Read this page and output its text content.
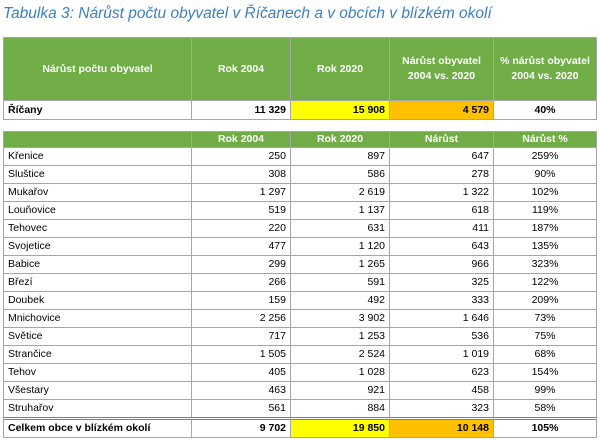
Tabulka 3: Nárůst počtu obyvatel v Říčanech a v obcích v blízkém okolí
Nárůst počtu obyvatel	Rok 2004	Rok 2020	Nárůst obyvatel 2004 vs. 2020	% nárůst obyvatel 2004 vs. 2020
Říčany	11 329	15 908	4 579	40%
	Rok 2004	Rok 2020	Nárůst	Nárůst %
Křenice	250	897	647	259%
Sluštice	308	586	278	90%
Mukařov	1 297	2 619	1 322	102%
Louňovice	519	1 137	618	119%
Tehovec	220	631	411	187%
Svojetice	477	1 120	643	135%
Babice	299	1 265	966	323%
Březí	266	591	325	122%
Doubek	159	492	333	209%
Mnichovice	2 256	3 902	1 646	73%
Světice	717	1 253	536	75%
Strančice	1 505	2 524	1 019	68%
Tehov	405	1 028	623	154%
Všestary	463	921	458	99%
Struhařov	561	884	323	58%
Celkem obce v blízkém okolí	9 702	19 850	10 148	105%
